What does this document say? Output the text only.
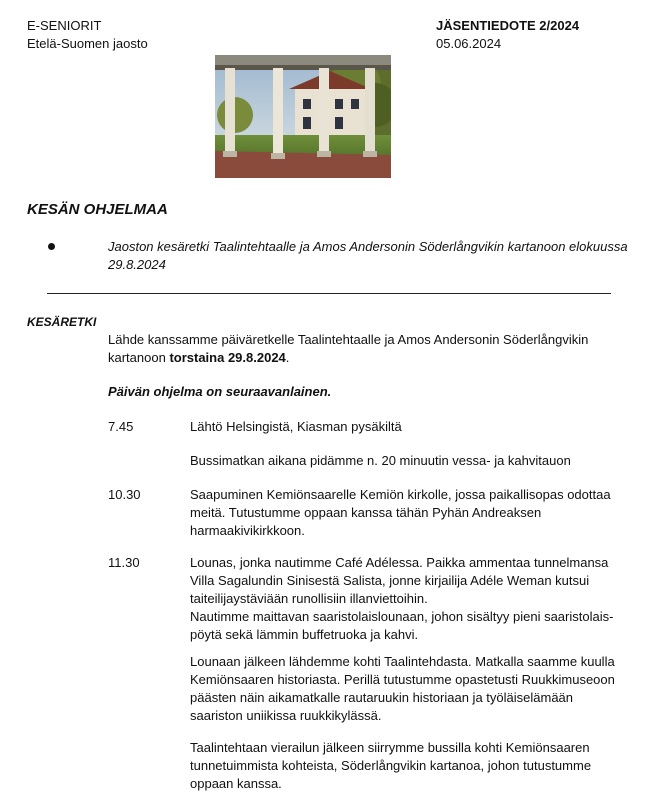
E-SENIORIT
Etelä-Suomen jaosto
JÄSENTIEDOTE 2/2024
05.06.2024
KESÄN OHJELMAA
Jaoston kesäretki Taalintehtaalle ja Amos Andersonin Söderlångvikin kartanoon elokuussa 29.8.2024
KESÄRETKI
Lähde kanssamme päiväretkelle Taalintehtaalle ja Amos Andersonin Söderlångvikin kartanoon torstaina 29.8.2024.
Päivän ohjelma on seuraavanlainen.
7.45	Lähtö Helsingistä, Kiasman pysäkiltä

Bussimatkan aikana pidämme n. 20 minuutin vessa- ja kahvitauon

10.30	Saapuminen Kemiönsaarelle Kemiön kirkolle, jossa paikallisopas odottaa meitä. Tutustumme oppaan kanssa tähän Pyhän Andreaksen harmaakivikirkkoon.

11.30	Lounas, jonka nautimme Café Adélessa. Paikka ammentaa tunnelmansa Villa Sagalundin Sinisestä Salista, jonne kirjailija Adéle Weman kutsui taiteilijaystäviään runollisiin illanviettoihin.

Nautimme maittavan saaristolaislounaan, johon sisältyy pieni saaristolais-pöytä sekä lämmin buffetruoka ja kahvi.

Lounaan jälkeen lähdemme kohti Taalintehdasta. Matkalla saamme kuulla Kemiönsaaren historiasta. Perillä tutustumme opastetusti Ruukkimuseoon päästen näin aikamatkalle rautaruukin historiaan ja työläiselämään saariston uniikissa ruukkikylässä.

Taalintehtaan vierailun jälkeen siirrymme bussilla kohti Kemiönsaaren tunnetuimmista kohteista, Söderlångvikin kartanoa, johon tutustumme oppaan kanssa.
